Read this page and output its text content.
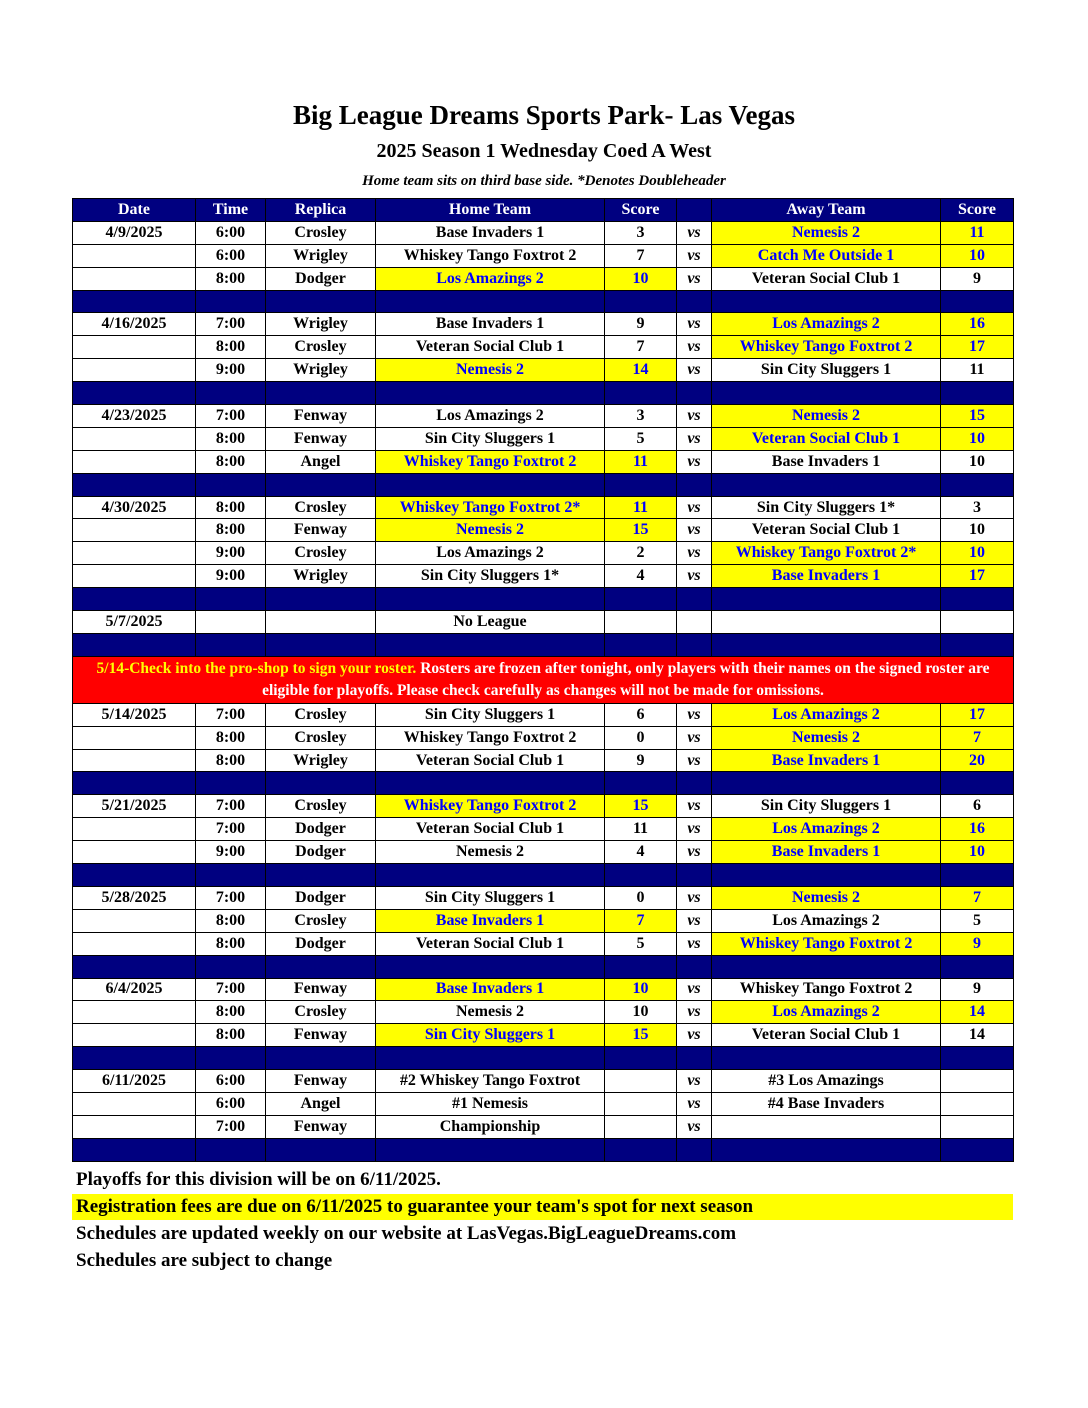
Big League Dreams Sports Park- Las Vegas
2025 Season 1 Wednesday Coed A West
Home team sits on third base side. *Denotes Doubleheader
Date	Time	Replica	Home Team	Score		Away Team	Score
4/9/2025	6:00	Crosley	Base Invaders 1	3	vs	Nemesis 2	11
	6:00	Wrigley	Whiskey Tango Foxtrot 2	7	vs	Catch Me Outside 1	10
	8:00	Dodger	Los Amazings 2	10	vs	Veteran Social Club 1	9

4/16/2025	7:00	Wrigley	Base Invaders 1	9	vs	Los Amazings 2	16
	8:00	Crosley	Veteran Social Club 1	7	vs	Whiskey Tango Foxtrot 2	17
	9:00	Wrigley	Nemesis 2	14	vs	Sin City Sluggers 1	11

4/23/2025	7:00	Fenway	Los Amazings 2	3	vs	Nemesis 2	15
	8:00	Fenway	Sin City Sluggers 1	5	vs	Veteran Social Club 1	10
	8:00	Angel	Whiskey Tango Foxtrot 2	11	vs	Base Invaders 1	10

4/30/2025	8:00	Crosley	Whiskey Tango Foxtrot 2*	11	vs	Sin City Sluggers 1*	3
	8:00	Fenway	Nemesis 2	15	vs	Veteran Social Club 1	10
	9:00	Crosley	Los Amazings 2	2	vs	Whiskey Tango Foxtrot 2*	10
	9:00	Wrigley	Sin City Sluggers 1*	4	vs	Base Invaders 1	17

5/7/2025			No League				

5/14-Check into the pro-shop to sign your roster. Rosters are frozen after tonight, only players with their names on the signed roster are eligible for playoffs. Please check carefully as changes will not be made for omissions.							
5/14/2025	7:00	Crosley	Sin City Sluggers 1	6	vs	Los Amazings 2	17
	8:00	Crosley	Whiskey Tango Foxtrot 2	0	vs	Nemesis 2	7
	8:00	Wrigley	Veteran Social Club 1	9	vs	Base Invaders 1	20

5/21/2025	7:00	Crosley	Whiskey Tango Foxtrot 2	15	vs	Sin City Sluggers 1	6
	7:00	Dodger	Veteran Social Club 1	11	vs	Los Amazings 2	16
	9:00	Dodger	Nemesis 2	4	vs	Base Invaders 1	10

5/28/2025	7:00	Dodger	Sin City Sluggers 1	0	vs	Nemesis 2	7
	8:00	Crosley	Base Invaders 1	7	vs	Los Amazings 2	5
	8:00	Dodger	Veteran Social Club 1	5	vs	Whiskey Tango Foxtrot 2	9

6/4/2025	7:00	Fenway	Base Invaders 1	10	vs	Whiskey Tango Foxtrot 2	9
	8:00	Crosley	Nemesis 2	10	vs	Los Amazings 2	14
	8:00	Fenway	Sin City Sluggers 1	15	vs	Veteran Social Club 1	14

6/11/2025	6:00	Fenway	#2 Whiskey Tango Foxtrot		vs	#3 Los Amazings	
	6:00	Angel	#1 Nemesis		vs	#4 Base Invaders	
	7:00	Fenway	Championship		vs		

Playoffs for this division will be on 6/11/2025.
Registration fees are due on 6/11/2025 to guarantee your team's spot for next season
Schedules are updated weekly on our website at LasVegas.BigLeagueDreams.com
Schedules are subject to change
